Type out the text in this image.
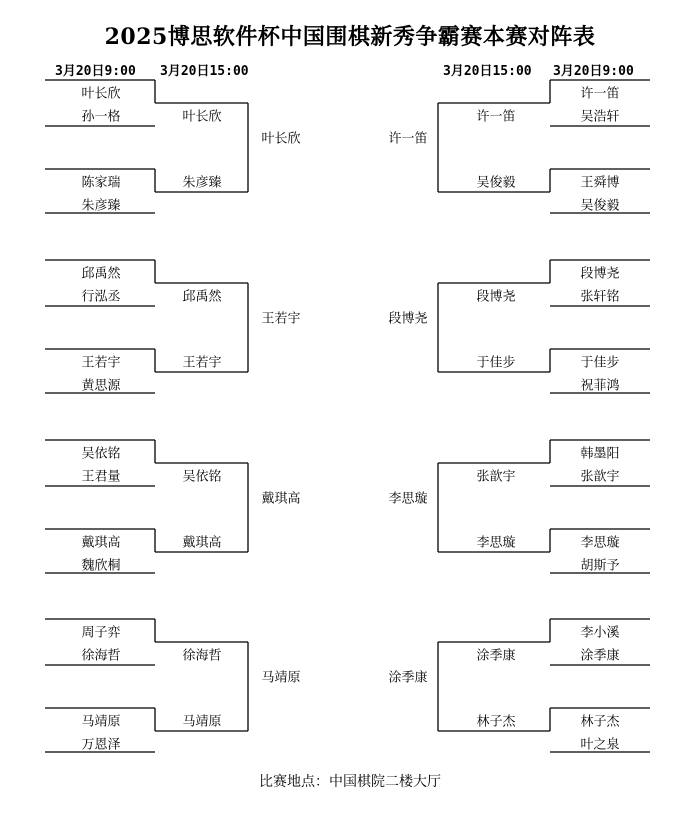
2025博思软件杯中国围棋新秀争霸赛本赛对阵表
3月20日9:00 3月20日15:00	3月20日15:00 3月20日9:00
叶长欣
孙一格
陈家瑞
朱彦臻
叶长欣
朱彦臻
叶长欣
邱禹然
行泓丞
王若宇
黄思源
邱禹然
王若宇
王若宇
吴依铭
王君量
戴琪高
魏欣桐
吴依铭
戴琪高
戴琪高
周子弈
徐海哲
马靖原
万恩泽
徐海哲
马靖原
马靖原
许一笛
吴浩轩
王舜博
吴俊毅
许一笛
吴俊毅
许一笛
段博尧
张轩铭
于佳步
祝菲鸿
段博尧
于佳步
段博尧
韩墨阳
张歆宇
李思璇
胡斯予
张歆宇
李思璇
李思璇
李小溪
涂季康
林子杰
叶之泉
涂季康
林子杰
涂季康
比赛地点：中国棋院二楼大厅
